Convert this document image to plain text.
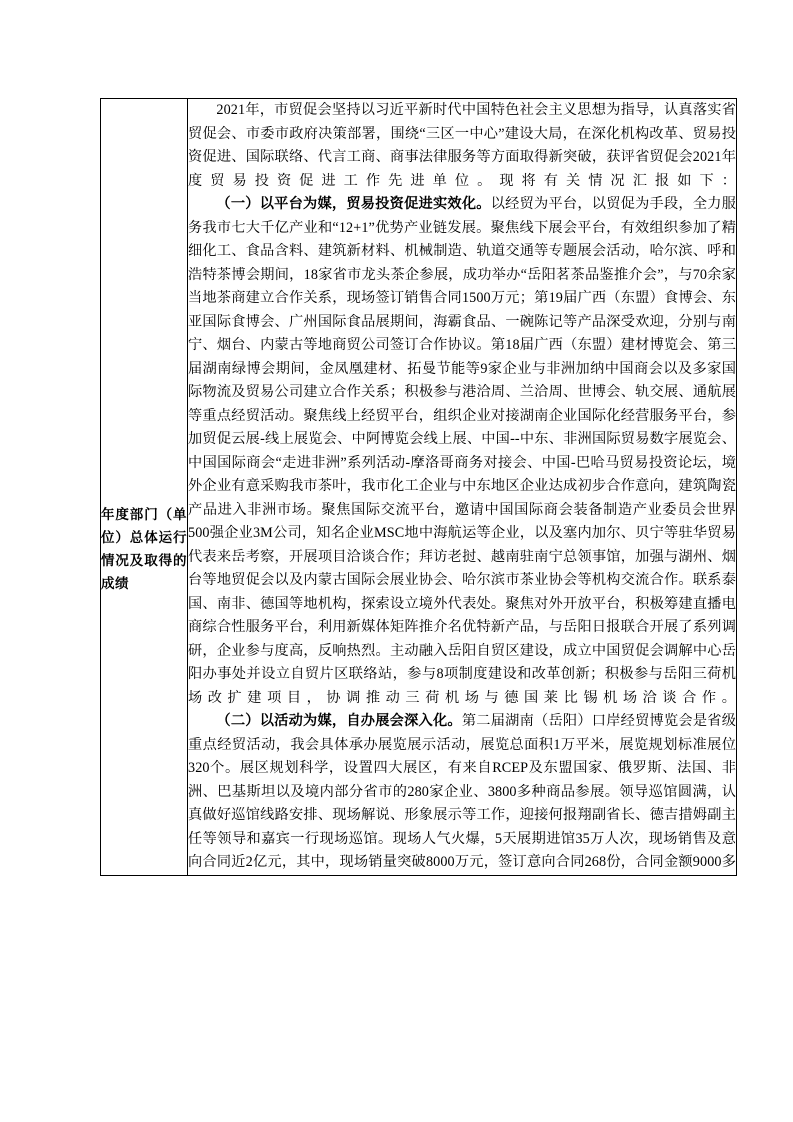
年度部门（单位）总体运行情况及取得的成绩

2021年，市贸促会坚持以习近平新时代中国特色社会主义思想为指导，认真落实省贸促会、市委市政府决策部署，围绕“三区一中心”建设大局，在深化机构改革、贸易投资促进、国际联络、代言工商、商事法律服务等方面取得新突破，获评省贸促会2021年度贸易投资促进工作先进单位。现将有关情况汇报如下：

（一）以平台为媒，贸易投资促进实效化。以经贸为平台，以贸促为手段，全力服务我市七大千亿产业和“12+1”优势产业链发展。聚焦线下展会平台，有效组织参加了精细化工、食品含料、建筑新材料、机械制造、轨道交通等专题展会活动，哈尔滨、呼和浩特茶博会期间，18家省市龙头茶企参展，成功举办“岳阳茗茶品鉴推介会”，与70余家当地茶商建立合作关系，现场签订销售合同1500万元；第19届广西（东盟）食博会、东亚国际食博会、广州国际食品展期间，海霸食品、一碗陈记等产品深受欢迎，分别与南宁、烟台、内蒙古等地商贸公司签订合作协议。第18届广西（东盟）建材博览会、第三届湖南绿博会期间，金凤凰建材、拓曼节能等9家企业与非洲加纳中国商会以及多家国际物流及贸易公司建立合作关系；积极参与港洽周、兰洽周、世博会、轨交展、通航展等重点经贸活动。聚焦线上经贸平台，组织企业对接湖南企业国际化经营服务平台，参加贸促云展-线上展览会、中阿博览会线上展、中国--中东、非洲国际贸易数字展览会、中国国际商会“走进非洲”系列活动-摩洛哥商务对接会、中国-巴哈马贸易投资论坛，境外企业有意采购我市茶叶，我市化工企业与中东地区企业达成初步合作意向，建筑陶瓷产品进入非洲市场。聚焦国际交流平台，邀请中国国际商会装备制造产业委员会世界500强企业3M公司，知名企业MSC地中海航运等企业，以及塞内加尔、贝宁等驻华贸易代表来岳考察，开展项目洽谈合作；拜访老挝、越南驻南宁总领事馆，加强与湖州、烟台等地贸促会以及内蒙古国际会展业协会、哈尔滨市茶业协会等机构交流合作。联系泰国、南非、德国等地机构，探索设立境外代表处。聚焦对外开放平台，积极筹建直播电商综合性服务平台，利用新媒体矩阵推介名优特新产品，与岳阳日报联合开展了系列调研，企业参与度高，反响热烈。主动融入岳阳自贸区建设，成立中国贸促会调解中心岳阳办事处并设立自贸片区联络站，参与8项制度建设和改革创新；积极参与岳阳三荷机场改扩建项目，协调推动三荷机场与德国莱比锡机场洽谈合作。

（二）以活动为媒，自办展会深入化。第二届湖南（岳阳）口岸经贸博览会是省级重点经贸活动，我会具体承办展览展示活动，展览总面积1万平米，展览规划标准展位320个。展区规划科学，设置四大展区，有来自RCEP及东盟国家、俄罗斯、法国、非洲、巴基斯坦以及境内部分省市的280家企业、3800多种商品参展。领导巡馆圆满，认真做好巡馆线路安排、现场解说、形象展示等工作，迎接何报翔副省长、德吉措姆副主任等领导和嘉宾一行现场巡馆。现场人气火爆，5天展期进馆35万人次，现场销售及意向合同近2亿元，其中，现场销量突破8000万元，签订意向合同268份，合同金额9000多
